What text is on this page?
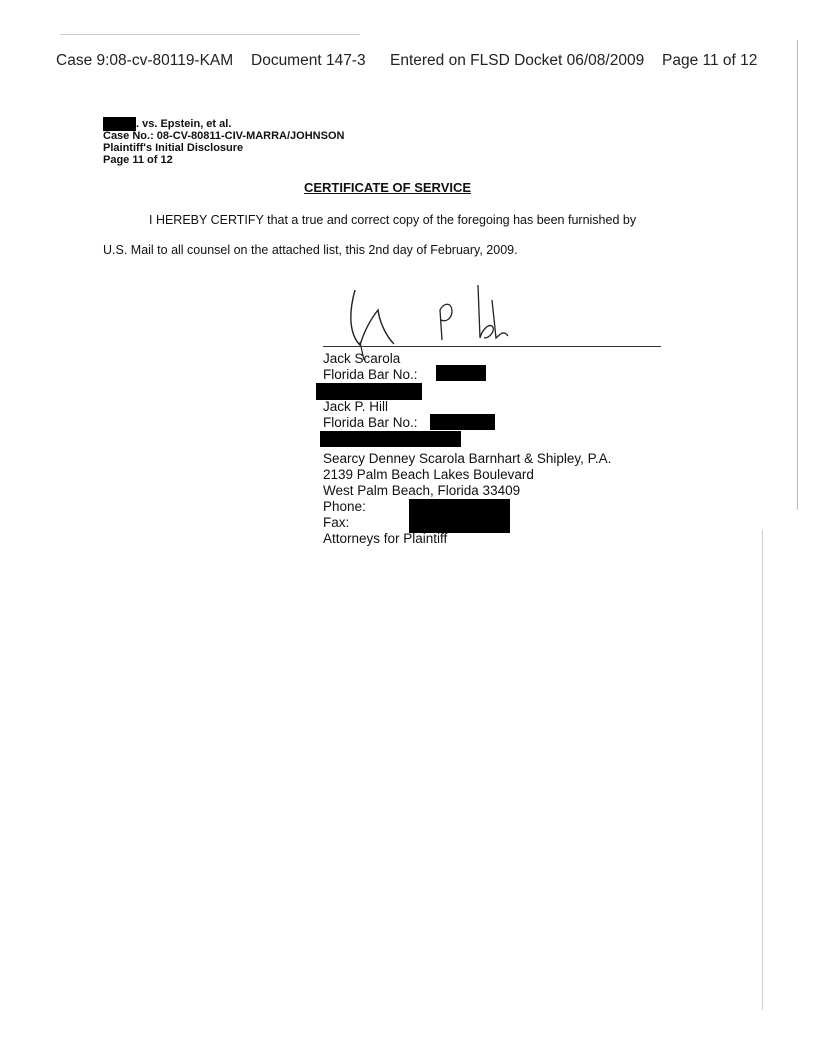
Case 9:08-cv-80119-KAM Document 147-3 Entered on FLSD Docket 06/08/2009 Page 11 of 12
. vs. Epstein, et al.
Case No.: 08-CV-80811-CIV-MARRA/JOHNSON
Plaintiff's Initial Disclosure
Page 11 of 12
CERTIFICATE OF SERVICE
I HEREBY CERTIFY that a true and correct copy of the foregoing has been furnished by
U.S. Mail to all counsel on the attached list, this 2nd day of February, 2009.
Jack Scarola
Florida Bar No.:
Jack P. Hill
Florida Bar No.:
Searcy Denney Scarola Barnhart & Shipley, P.A.
2139 Palm Beach Lakes Boulevard
West Palm Beach, Florida 33409
Phone:
Fax:
Attorneys for Plaintiff
